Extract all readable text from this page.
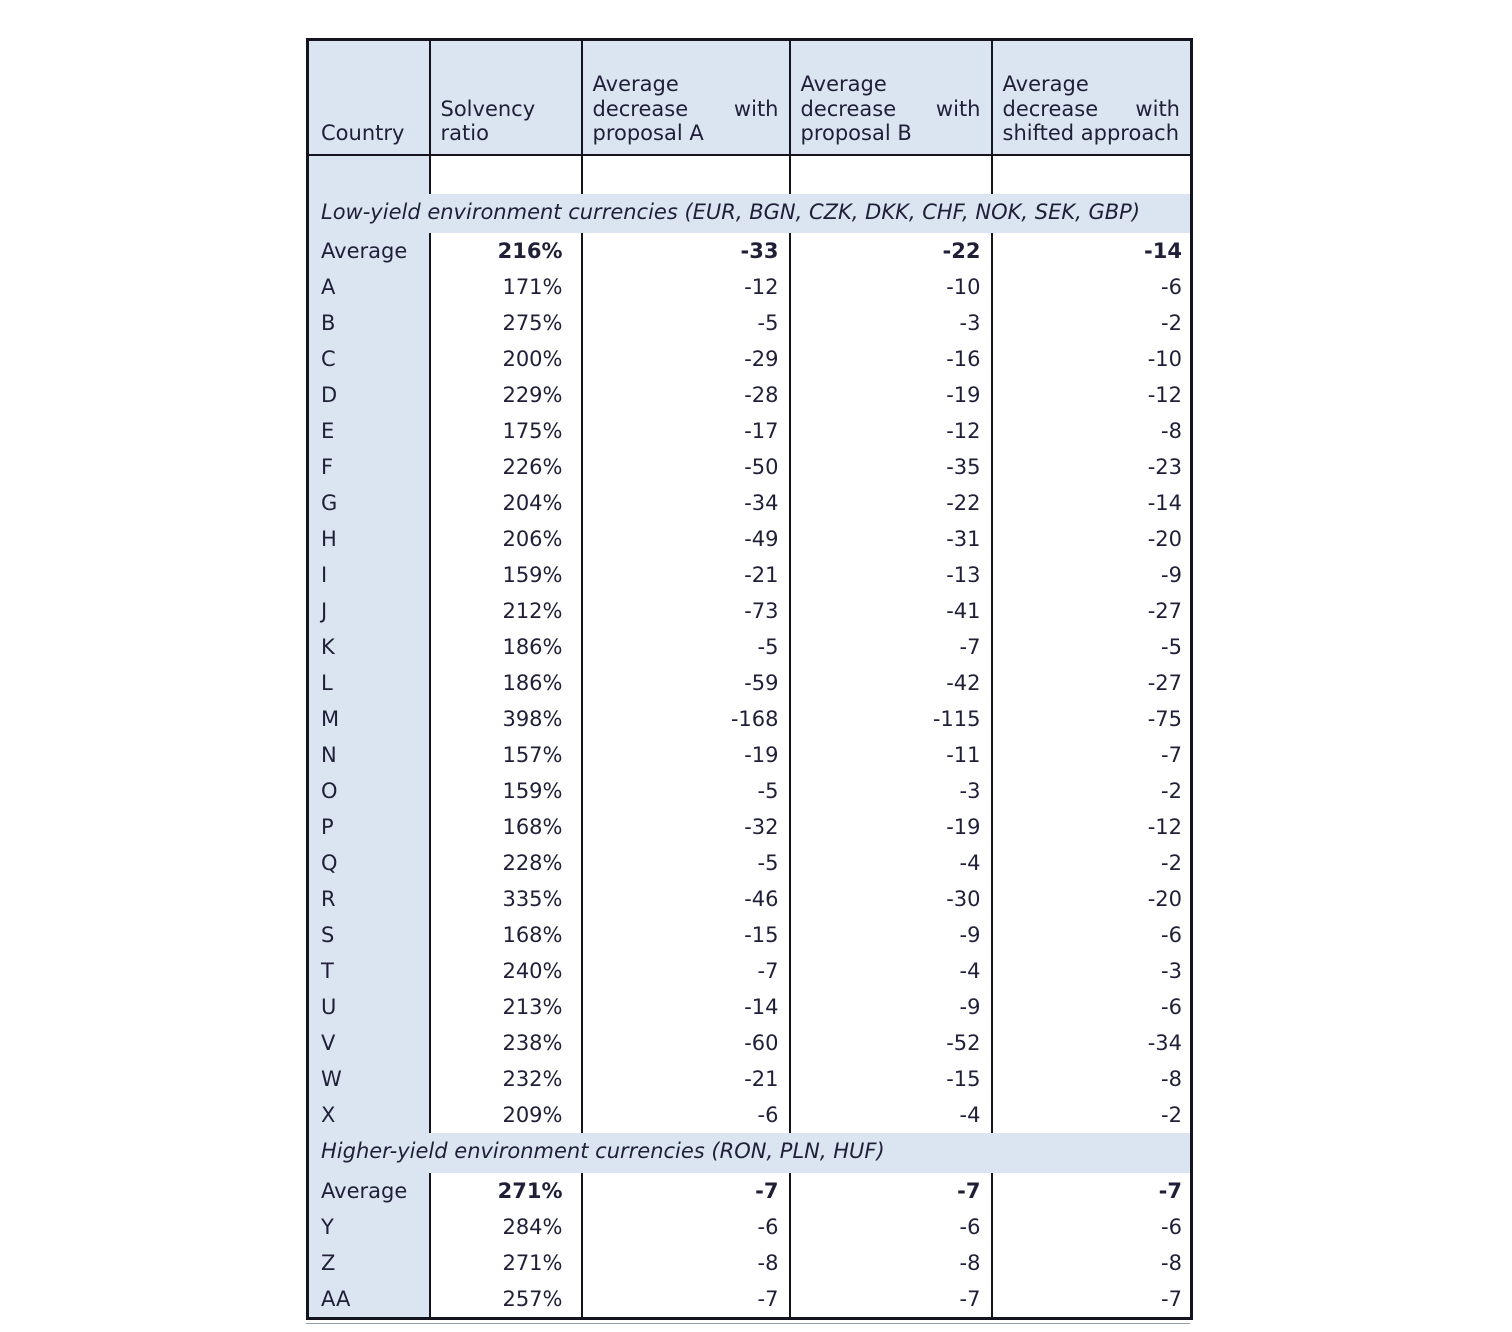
Country	Solvency ratio	Average decrease with proposal A	Average decrease with proposal B	Average decrease with shifted approach

Low-yield environment currencies (EUR, BGN, CZK, DKK, CHF, NOK, SEK, GBP)				
Average	216%	-33	-22	-14
A	171%	-12	-10	-6
B	275%	-5	-3	-2
C	200%	-29	-16	-10
D	229%	-28	-19	-12
E	175%	-17	-12	-8
F	226%	-50	-35	-23
G	204%	-34	-22	-14
H	206%	-49	-31	-20
I	159%	-21	-13	-9
J	212%	-73	-41	-27
K	186%	-5	-7	-5
L	186%	-59	-42	-27
M	398%	-168	-115	-75
N	157%	-19	-11	-7
O	159%	-5	-3	-2
P	168%	-32	-19	-12
Q	228%	-5	-4	-2
R	335%	-46	-30	-20
S	168%	-15	-9	-6
T	240%	-7	-4	-3
U	213%	-14	-9	-6
V	238%	-60	-52	-34
W	232%	-21	-15	-8
X	209%	-6	-4	-2
Higher-yield environment currencies (RON, PLN, HUF)				
Average	271%	-7	-7	-7
Y	284%	-6	-6	-6
Z	271%	-8	-8	-8
AA	257%	-7	-7	-7
